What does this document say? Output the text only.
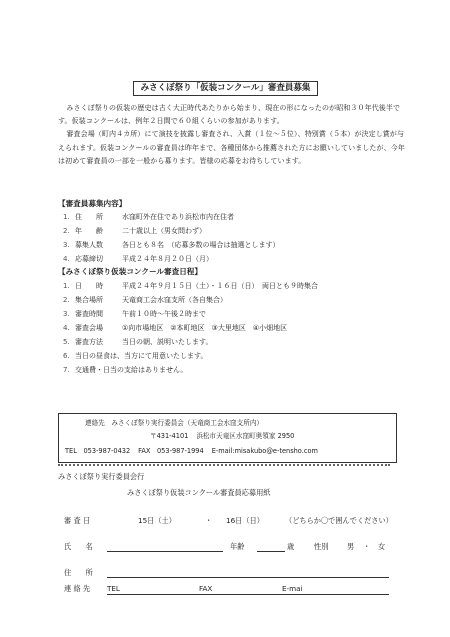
みさくぼ祭り「仮装コンクール」審査員募集

みさくぼ祭りの仮装の歴史は古く大正時代あたりから始まり、現在の形になったのが昭和３０年代後半です。仮装コンクールは、例年２日間で６０組くらいの参加があります。

審査会場（町内４カ所）にて演技を披露し審査され、入賞（１位～５位）、特別賞（５本）が決定し賞が与えられます。仮装コンクールの審査員は昨年まで、各種団体から推薦された方にお願いしていましたが、今年は初めて審査員の一部を一般から募ります。皆様の応募をお待ちしています。

【審査員募集内容】
1. 住　　所	水窪町外在住であり浜松市内在住者
2. 年　　齢	二十歳以上（男女問わず）
3. 募集人数	各日とも８名　（応募多数の場合は抽選とします）
4. 応募締切	平成２４年８月２０日（月）
【みさくぼ祭り仮装コンクール審査日程】
1. 日　　時	平成２４年９月１５日（土）・１６日（日）　両日とも９時集合
2. 集合場所	天竜商工会水窪支所（各自集合）
3. 審査時間	午前１０時～午後２時まで
4. 審査会場	①向市場地区　②本町地区　③大里地区　④小畑地区
5. 審査方法	当日の朝、説明いたします。
6. 当日の昼食は、当方にて用意いたします。
7. 交通費・日当の支給はありません。
連絡先　みさくぼ祭り実行委員会（天竜商工会水窪支所内）
〒431-4101 浜松市天竜区水窪町奥領家 2950
TEL　053-987-0432 FAX　053-987-1994 E-mail:misakubo@e-tensho.com
みさくぼ祭り実行委員会行
みさくぼ祭り仮装コンクール審査員応募用紙
審 査 日	15日（土）	・ 16日（日）	（どちらか〇で囲んでください）
氏　　名	年齢	歳	性別	男 ・ 女
住　　所
連 絡 先 TEL	FAX	E-mai
